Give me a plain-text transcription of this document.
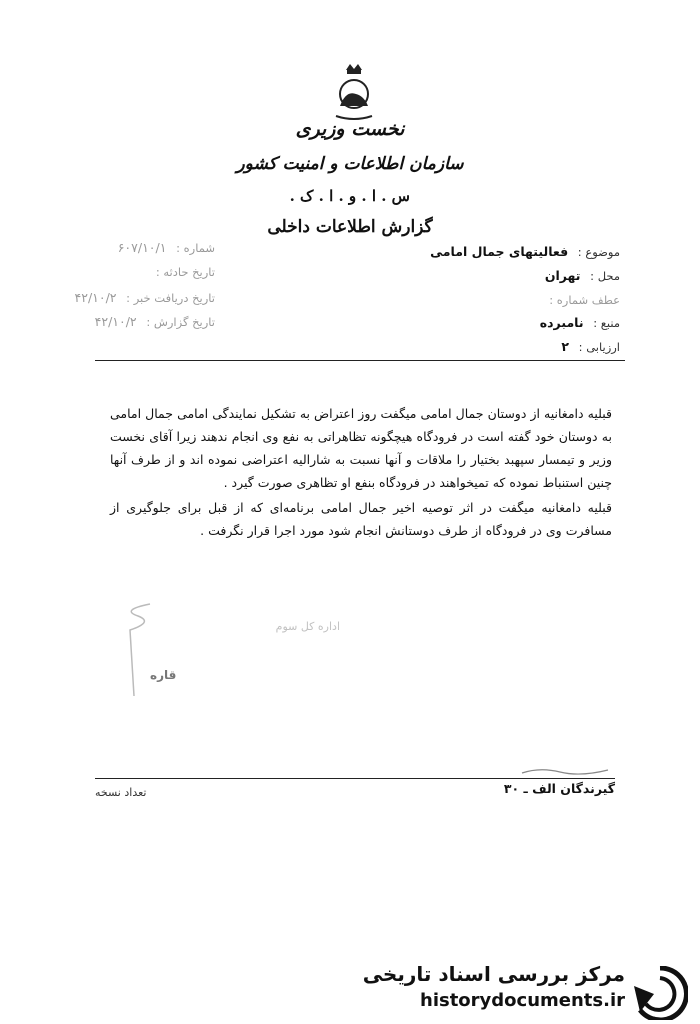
نخست وزیری
سازمان اطلاعات و امنیت کشور
س . ا . و . ا . ک .
گزارش اطلاعات داخلی
موضوع : فعالیتهای جمال امامی
محل : تهران
عطف شماره :
منبع : نامبرده
ارزیابی : ۲
شماره : ۶۰۷/۱۰/۱
تاریخ حادثه :
تاریخ دریافت خبر : ۴۲/۱۰/۲
تاریخ گزارش : ۴۲/۱۰/۲

قبلیه دامغانیه از دوستان جمال امامی میگفت روز اعتراض به تشکیل نمایندگی امامی جمال امامی به دوستان خود گفته است در فرودگاه هیچگونه تظاهراتی به نفع وی انجام ندهند زیرا آقای نخست وزیر و تیمسار سپهبد بختیار را ملاقات و آنها نسبت به شارالیه اعتراضی نموده اند و از طرف آنها چنین استنباط نموده که تمیخواهند در فرودگاه بنفع او تظاهری صورت گیرد .

قبلیه دامغانیه میگفت در اثر توصیه اخیر جمال امامی برنامه‌ای که از قبل برای جلوگیری از مسافرت وی در فرودگاه از طرف دوستانش انجام شود مورد اجرا قرار نگرفت .

اداره کل سوم
قاره
تعداد نسخه	گیرندگان الف ـ ۳۰
مرکز بررسی اسناد تاریخی
historydocuments.ir
